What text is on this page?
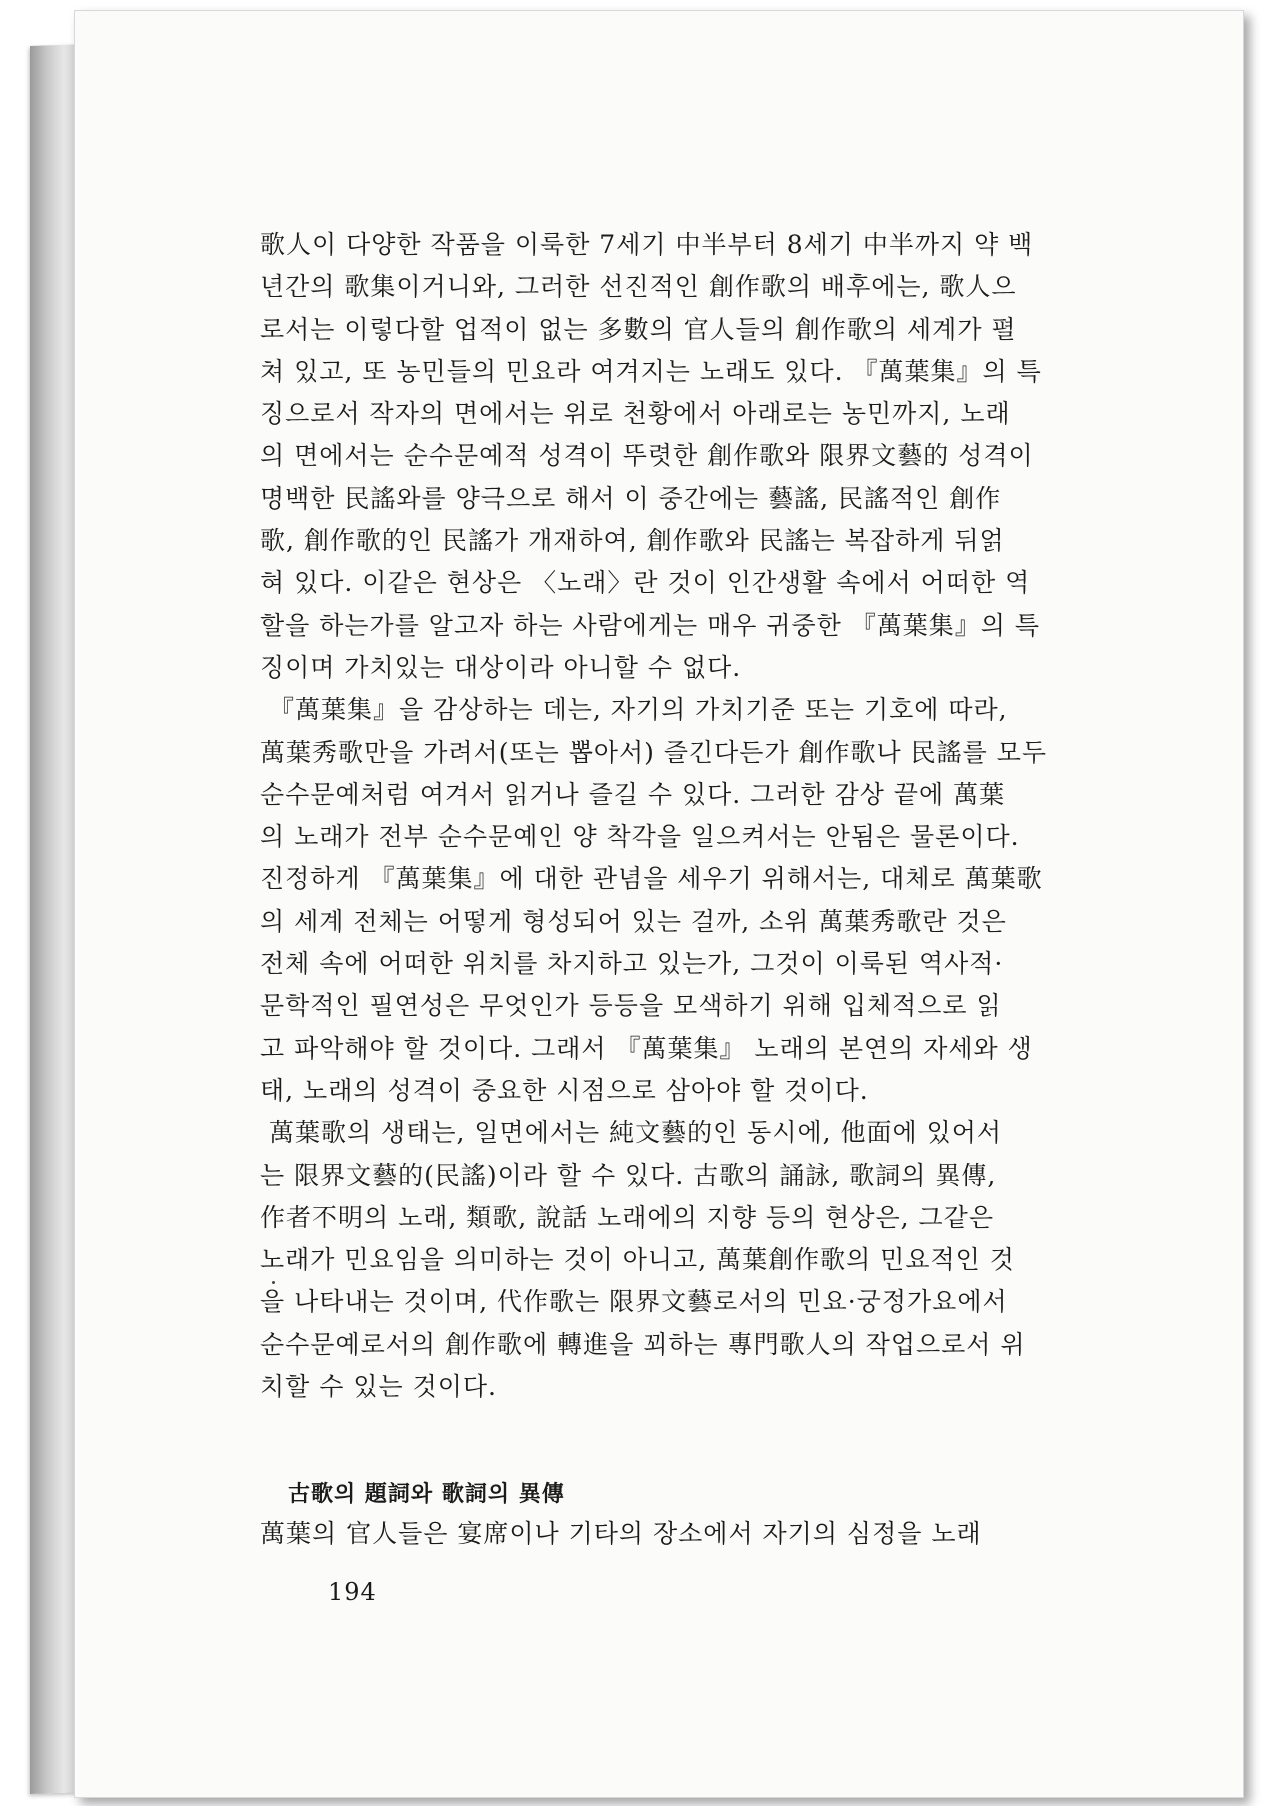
歌人이 다양한 작품을 이룩한 7세기 中半부터 8세기 中半까지 약 백
년간의 歌集이거니와, 그러한 선진적인 創作歌의 배후에는, 歌人으
로서는 이렇다할 업적이 없는 多數의 官人들의 創作歌의 세계가 펼
쳐 있고, 또 농민들의 민요라 여겨지는 노래도 있다. 『萬葉集』의 특
징으로서 작자의 면에서는 위로 천황에서 아래로는 농민까지, 노래
의 면에서는 순수문예적 성격이 뚜렷한 創作歌와 限界文藝的 성격이
명백한 民謠와를 양극으로 해서 이 중간에는 藝謠, 民謠적인 創作
歌, 創作歌的인 民謠가 개재하여, 創作歌와 民謠는 복잡하게 뒤얽
혀 있다. 이같은 현상은 〈노래〉란 것이 인간생활 속에서 어떠한 역
할을 하는가를 알고자 하는 사람에게는 매우 귀중한 『萬葉集』의 특
징이며 가치있는 대상이라 아니할 수 없다.
『萬葉集』을 감상하는 데는, 자기의 가치기준 또는 기호에 따라,
萬葉秀歌만을 가려서(또는 뽑아서) 즐긴다든가 創作歌나 民謠를 모두
순수문예처럼 여겨서 읽거나 즐길 수 있다. 그러한 감상 끝에 萬葉
의 노래가 전부 순수문예인 양 착각을 일으켜서는 안됨은 물론이다.
진정하게 『萬葉集』에 대한 관념을 세우기 위해서는, 대체로 萬葉歌
의 세계 전체는 어떻게 형성되어 있는 걸까, 소위 萬葉秀歌란 것은
전체 속에 어떠한 위치를 차지하고 있는가, 그것이 이룩된 역사적·
문학적인 필연성은 무엇인가 등등을 모색하기 위해 입체적으로 읽
고 파악해야 할 것이다. 그래서 『萬葉集』 노래의 본연의 자세와 생
태, 노래의 성격이 중요한 시점으로 삼아야 할 것이다.
萬葉歌의 생태는, 일면에서는 純文藝的인 동시에, 他面에 있어서
는 限界文藝的(民謠)이라 할 수 있다. 古歌의 誦詠, 歌詞의 異傳,
作者不明의 노래, 類歌, 說話 노래에의 지향 등의 현상은, 그같은
노래가 민요임을 의미하는 것이 아니고, 萬葉創作歌의 민요적인 것
을 나타내는 것이며, 代作歌는 限界文藝로서의 민요·궁정가요에서
순수문예로서의 創作歌에 轉進을 꾀하는 專門歌人의 작업으로서 위
치할 수 있는 것이다.
古歌의 題詞와 歌詞의 異傳
萬葉의 官人들은 宴席이나 기타의 장소에서 자기의 심정을 노래
194
